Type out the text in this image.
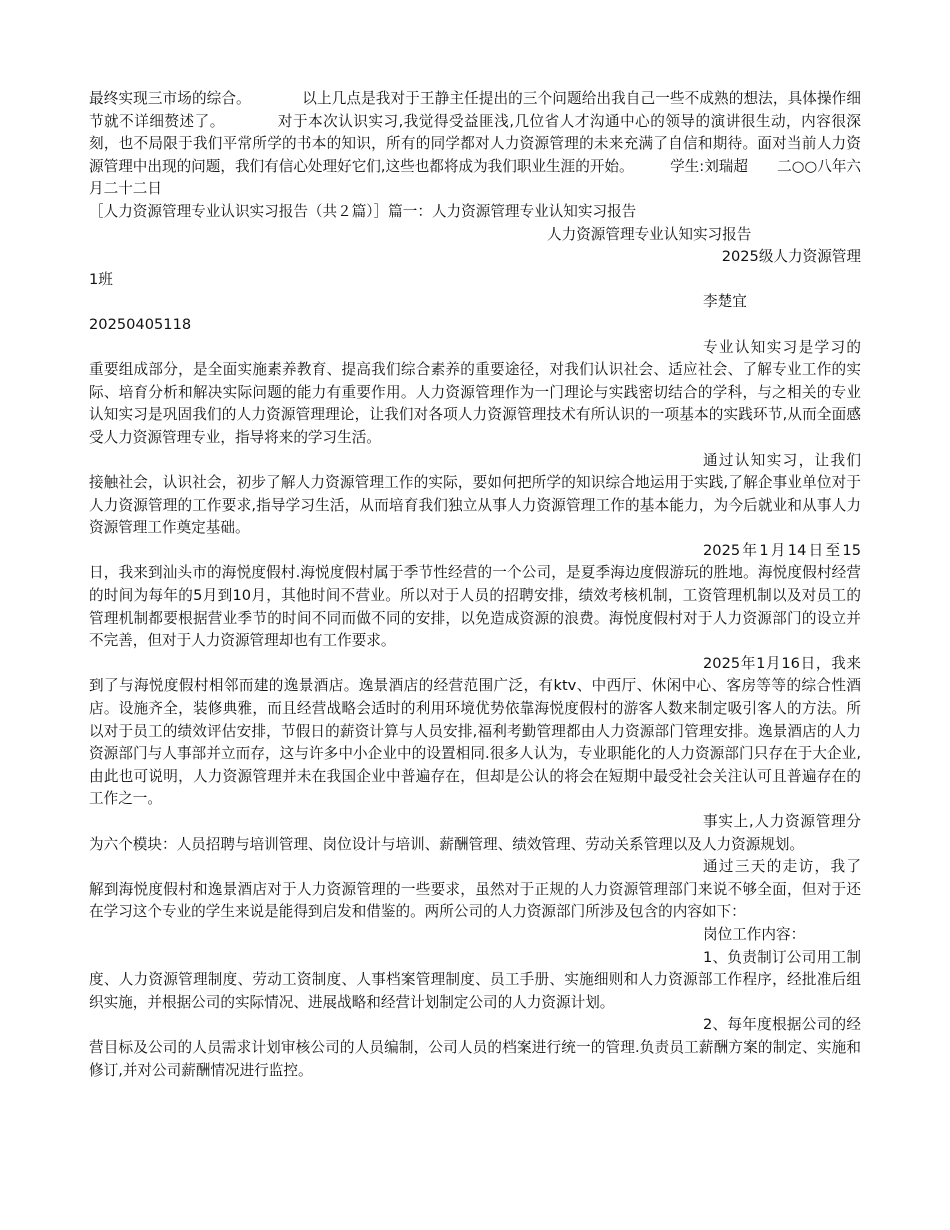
最终实现三市场的综合。　　　　以上几点是我对于王静主任提出的三个问题给出我自己一些不成熟的想法，具体操作细节就不详细赘述了。　　　　对于本次认识实习,我觉得受益匪浅,几位省人才沟通中心的领导的演讲很生动，内容很深刻，也不局限于我们平常所学的书本的知识，所有的同学都对人力资源管理的未来充满了自信和期待。面对当前人力资源管理中出现的问题，我们有信心处理好它们,这些也都将成为我们职业生涯的开始。　　　学生:刘瑞超　　二○○八年六月二十二日

［人力资源管理专业认识实习报告（共２篇）］篇一：人力资源管理专业认知实习报告

人力资源管理专业认知实习报告

2025级人力资源管理

1班

李楚宜

20250405118

专业认知实习是学习的重要组成部分，是全面实施素养教育、提高我们综合素养的重要途径，对我们认识社会、适应社会、了解专业工作的实际、培育分析和解决实际问题的能力有重要作用。人力资源管理作为一门理论与实践密切结合的学科，与之相关的专业认知实习是巩固我们的人力资源管理理论，让我们对各项人力资源管理技术有所认识的一项基本的实践环节,从而全面感受人力资源管理专业，指导将来的学习生活。

通过认知实习，让我们接触社会，认识社会，初步了解人力资源管理工作的实际，要如何把所学的知识综合地运用于实践,了解企事业单位对于人力资源管理的工作要求,指导学习生活，从而培育我们独立从事人力资源管理工作的基本能力，为今后就业和从事人力资源管理工作奠定基础。

2025年1月14日至15日，我来到汕头市的海悦度假村.海悦度假村属于季节性经营的一个公司，是夏季海边度假游玩的胜地。海悦度假村经营的时间为每年的5月到10月，其他时间不营业。所以对于人员的招聘安排，绩效考核机制，工资管理机制以及对员工的管理机制都要根据营业季节的时间不同而做不同的安排，以免造成资源的浪费。海悦度假村对于人力资源部门的设立并不完善，但对于人力资源管理却也有工作要求。

2025年1月16日，我来到了与海悦度假村相邻而建的逸景酒店。逸景酒店的经营范围广泛，有ktv、中西厅、休闲中心、客房等等的综合性酒店。设施齐全，装修典雅，而且经营战略会适时的利用环境优势依靠海悦度假村的游客人数来制定吸引客人的方法。所以对于员工的绩效评估安排，节假日的薪资计算与人员安排,福利考勤管理都由人力资源部门管理安排。逸景酒店的人力资源部门与人事部并立而存，这与许多中小企业中的设置相同.很多人认为，专业职能化的人力资源部门只存在于大企业,由此也可说明，人力资源管理并未在我国企业中普遍存在，但却是公认的将会在短期中最受社会关注认可且普遍存在的工作之一。

事实上,人力资源管理分为六个模块：人员招聘与培训管理、岗位设计与培训、薪酬管理、绩效管理、劳动关系管理以及人力资源规划。

通过三天的走访，我了解到海悦度假村和逸景酒店对于人力资源管理的一些要求，虽然对于正规的人力资源管理部门来说不够全面，但对于还在学习这个专业的学生来说是能得到启发和借鉴的。两所公司的人力资源部门所涉及包含的内容如下：

岗位工作内容：

1、负责制订公司用工制度、人力资源管理制度、劳动工资制度、人事档案管理制度、员工手册、实施细则和人力资源部工作程序，经批准后组织实施，并根据公司的实际情况、进展战略和经营计划制定公司的人力资源计划。

2、每年度根据公司的经营目标及公司的人员需求计划审核公司的人员编制，公司人员的档案进行统一的管理.负责员工薪酬方案的制定、实施和修订,并对公司薪酬情况进行监控。
